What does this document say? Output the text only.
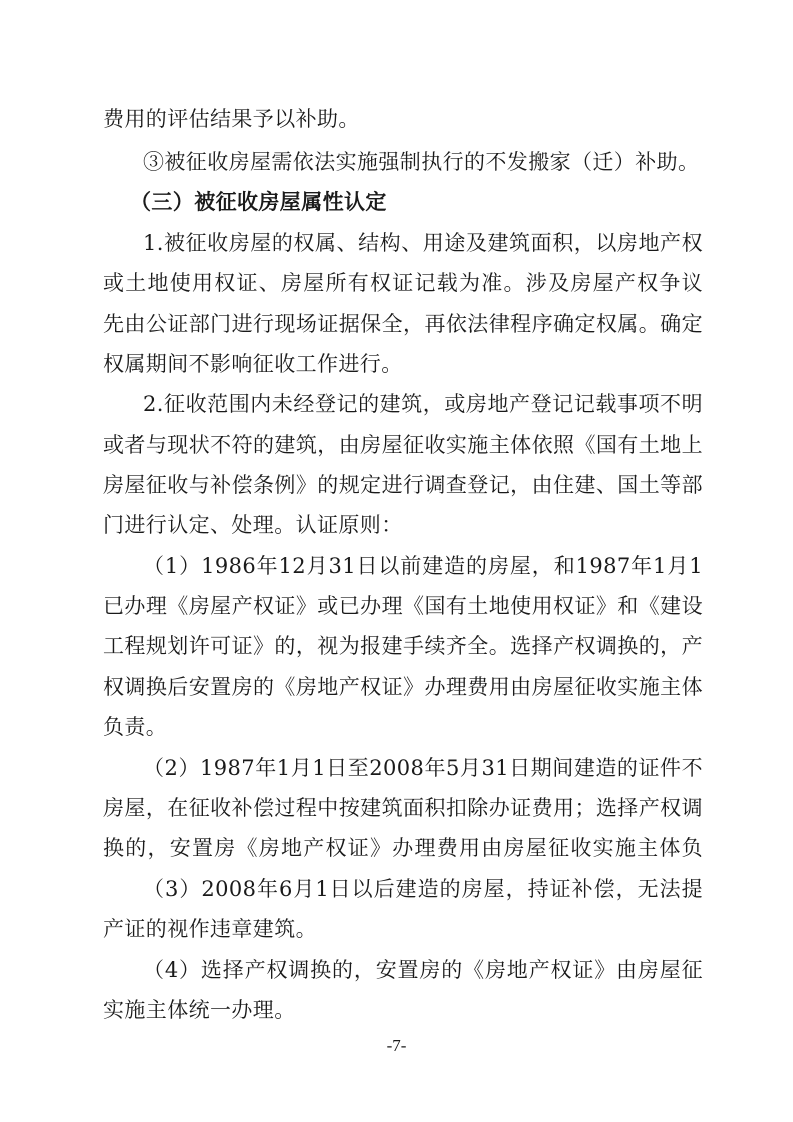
费用的评估结果予以补助。
③被征收房屋需依法实施强制执行的不发搬家（迁）补助。
（三）被征收房屋属性认定
1.被征收房屋的权属、结构、用途及建筑面积，以房地产权
或土地使用权证、房屋所有权证记载为准。涉及房屋产权争议
先由公证部门进行现场证据保全，再依法律程序确定权属。确定
权属期间不影响征收工作进行。
2.征收范围内未经登记的建筑，或房地产登记记载事项不明
或者与现状不符的建筑，由房屋征收实施主体依照《国有土地上
房屋征收与补偿条例》的规定进行调查登记，由住建、国土等部
门进行认定、处理。认证原则：
（1）1986年12月31日以前建造的房屋，和1987年1月1
已办理《房屋产权证》或已办理《国有土地使用权证》和《建设
工程规划许可证》的，视为报建手续齐全。选择产权调换的，产
权调换后安置房的《房地产权证》办理费用由房屋征收实施主体
负责。
（2）1987年1月1日至2008年5月31日期间建造的证件不
房屋，在征收补偿过程中按建筑面积扣除办证费用；选择产权调
换的，安置房《房地产权证》办理费用由房屋征收实施主体负
（3）2008年6月1日以后建造的房屋，持证补偿，无法提
产证的视作违章建筑。
（4）选择产权调换的，安置房的《房地产权证》由房屋征
实施主体统一办理。
-7-
